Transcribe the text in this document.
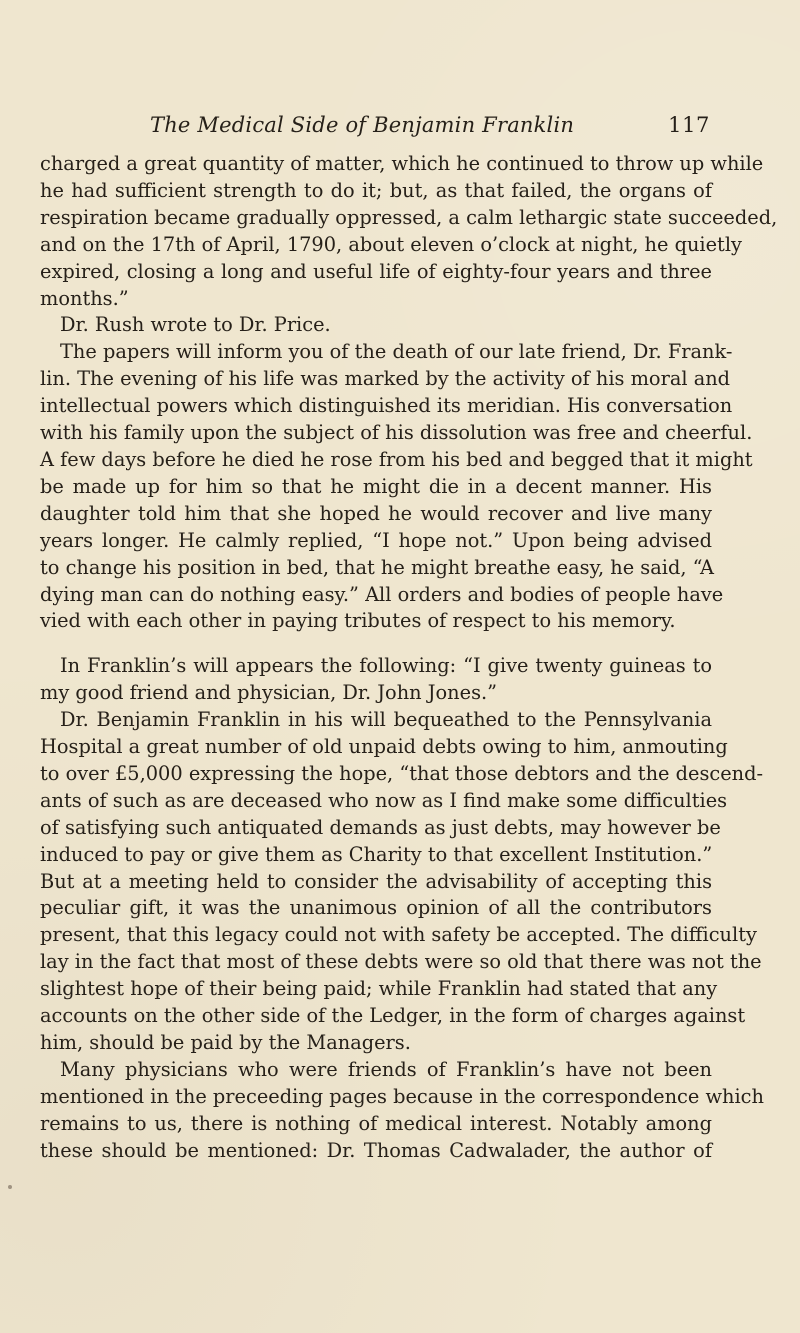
The Medical Side of Benjamin Franklin	117
charged a great quantity of matter, which he continued to throw up while
he had sufficient strength to do it; but, as that failed, the organs of
respiration became gradually oppressed, a calm lethargic state succeeded,
and on the 17th of April, 1790, about eleven o’clock at night, he quietly
expired, closing a long and useful life of eighty-four years and three
months.”
Dr. Rush wrote to Dr. Price.
The papers will inform you of the death of our late friend, Dr. Frank-
lin. The evening of his life was marked by the activity of his moral and
intellectual powers which distinguished its meridian. His conversation
with his family upon the subject of his dissolution was free and cheerful.
A few days before he died he rose from his bed and begged that it might
be made up for him so that he might die in a decent manner. His
daughter told him that she hoped he would recover and live many
years longer. He calmly replied, “I hope not.” Upon being advised
to change his position in bed, that he might breathe easy, he said, “A
dying man can do nothing easy.” All orders and bodies of people have
vied with each other in paying tributes of respect to his memory.
In Franklin’s will appears the following: “I give twenty guineas to
my good friend and physician, Dr. John Jones.”
Dr. Benjamin Franklin in his will bequeathed to the Pennsylvania
Hospital a great number of old unpaid debts owing to him, anmouting
to over £5,000 expressing the hope, “that those debtors and the descend-
ants of such as are deceased who now as I find make some difficulties
of satisfying such antiquated demands as just debts, may however be
induced to pay or give them as Charity to that excellent Institution.”
But at a meeting held to consider the advisability of accepting this
peculiar gift, it was the unanimous opinion of all the contributors
present, that this legacy could not with safety be accepted. The difficulty
lay in the fact that most of these debts were so old that there was not the
slightest hope of their being paid; while Franklin had stated that any
accounts on the other side of the Ledger, in the form of charges against
him, should be paid by the Managers.
Many physicians who were friends of Franklin’s have not been
mentioned in the preceeding pages because in the correspondence which
remains to us, there is nothing of medical interest. Notably among
these should be mentioned: Dr. Thomas Cadwalader, the author of
